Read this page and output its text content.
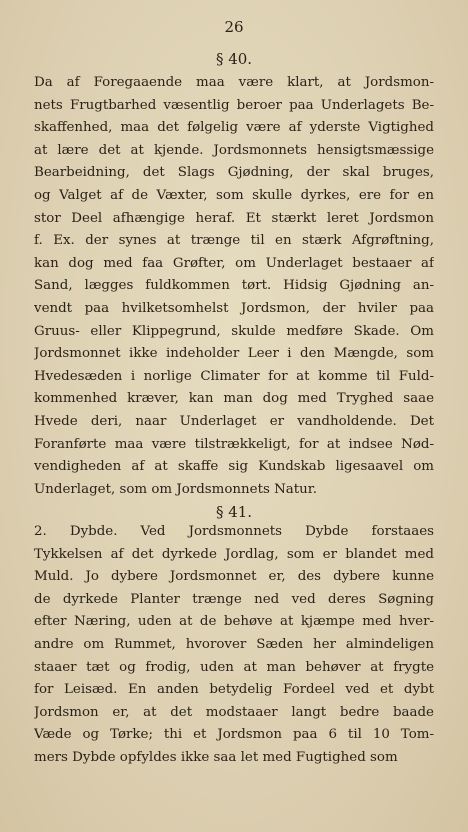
26
§ 40.
Da af Foregaaende maa være klart, at Jordsmon-
nets Frugtbarhed væsentlig beroer paa Underlagets Be-
skaffenhed, maa det følgelig være af yderste Vigtighed
at lære det at kjende. Jordsmonnets hensigtsmæssige
Bearbeidning, det Slags Gjødning, der skal bruges,
og Valget af de Væxter, som skulle dyrkes, ere for en
stor Deel afhængige heraf. Et stærkt leret Jordsmon
f. Ex. der synes at trænge til en stærk Afgrøftning,
kan dog med faa Grøfter, om Underlaget bestaaer af
Sand, lægges fuldkommen tørt. Hidsig Gjødning an-
vendt paa hvilketsomhelst Jordsmon, der hviler paa
Gruus- eller Klippegrund, skulde medføre Skade. Om
Jordsmonnet ikke indeholder Leer i den Mængde, som
Hvedesæden i norlige Climater for at komme til Fuld-
kommenhed kræver, kan man dog med Tryghed saae
Hvede deri, naar Underlaget er vandholdende. Det
Foranførte maa være tilstrækkeligt, for at indsee Nød-
vendigheden af at skaffe sig Kundskab ligesaavel om
Underlaget, som om Jordsmonnets Natur.
§ 41.
2. Dybde. Ved Jordsmonnets Dybde forstaaes
Tykkelsen af det dyrkede Jordlag, som er blandet med
Muld. Jo dybere Jordsmonnet er, des dybere kunne
de dyrkede Planter trænge ned ved deres Søgning
efter Næring, uden at de behøve at kjæmpe med hver-
andre om Rummet, hvorover Sæden her almindeligen
staaer tæt og frodig, uden at man behøver at frygte
for Leisæd. En anden betydelig Fordeel ved et dybt
Jordsmon er, at det modstaaer langt bedre baade
Væde og Tørke; thi et Jordsmon paa 6 til 10 Tom-
mers Dybde opfyldes ikke saa let med Fugtighed som
